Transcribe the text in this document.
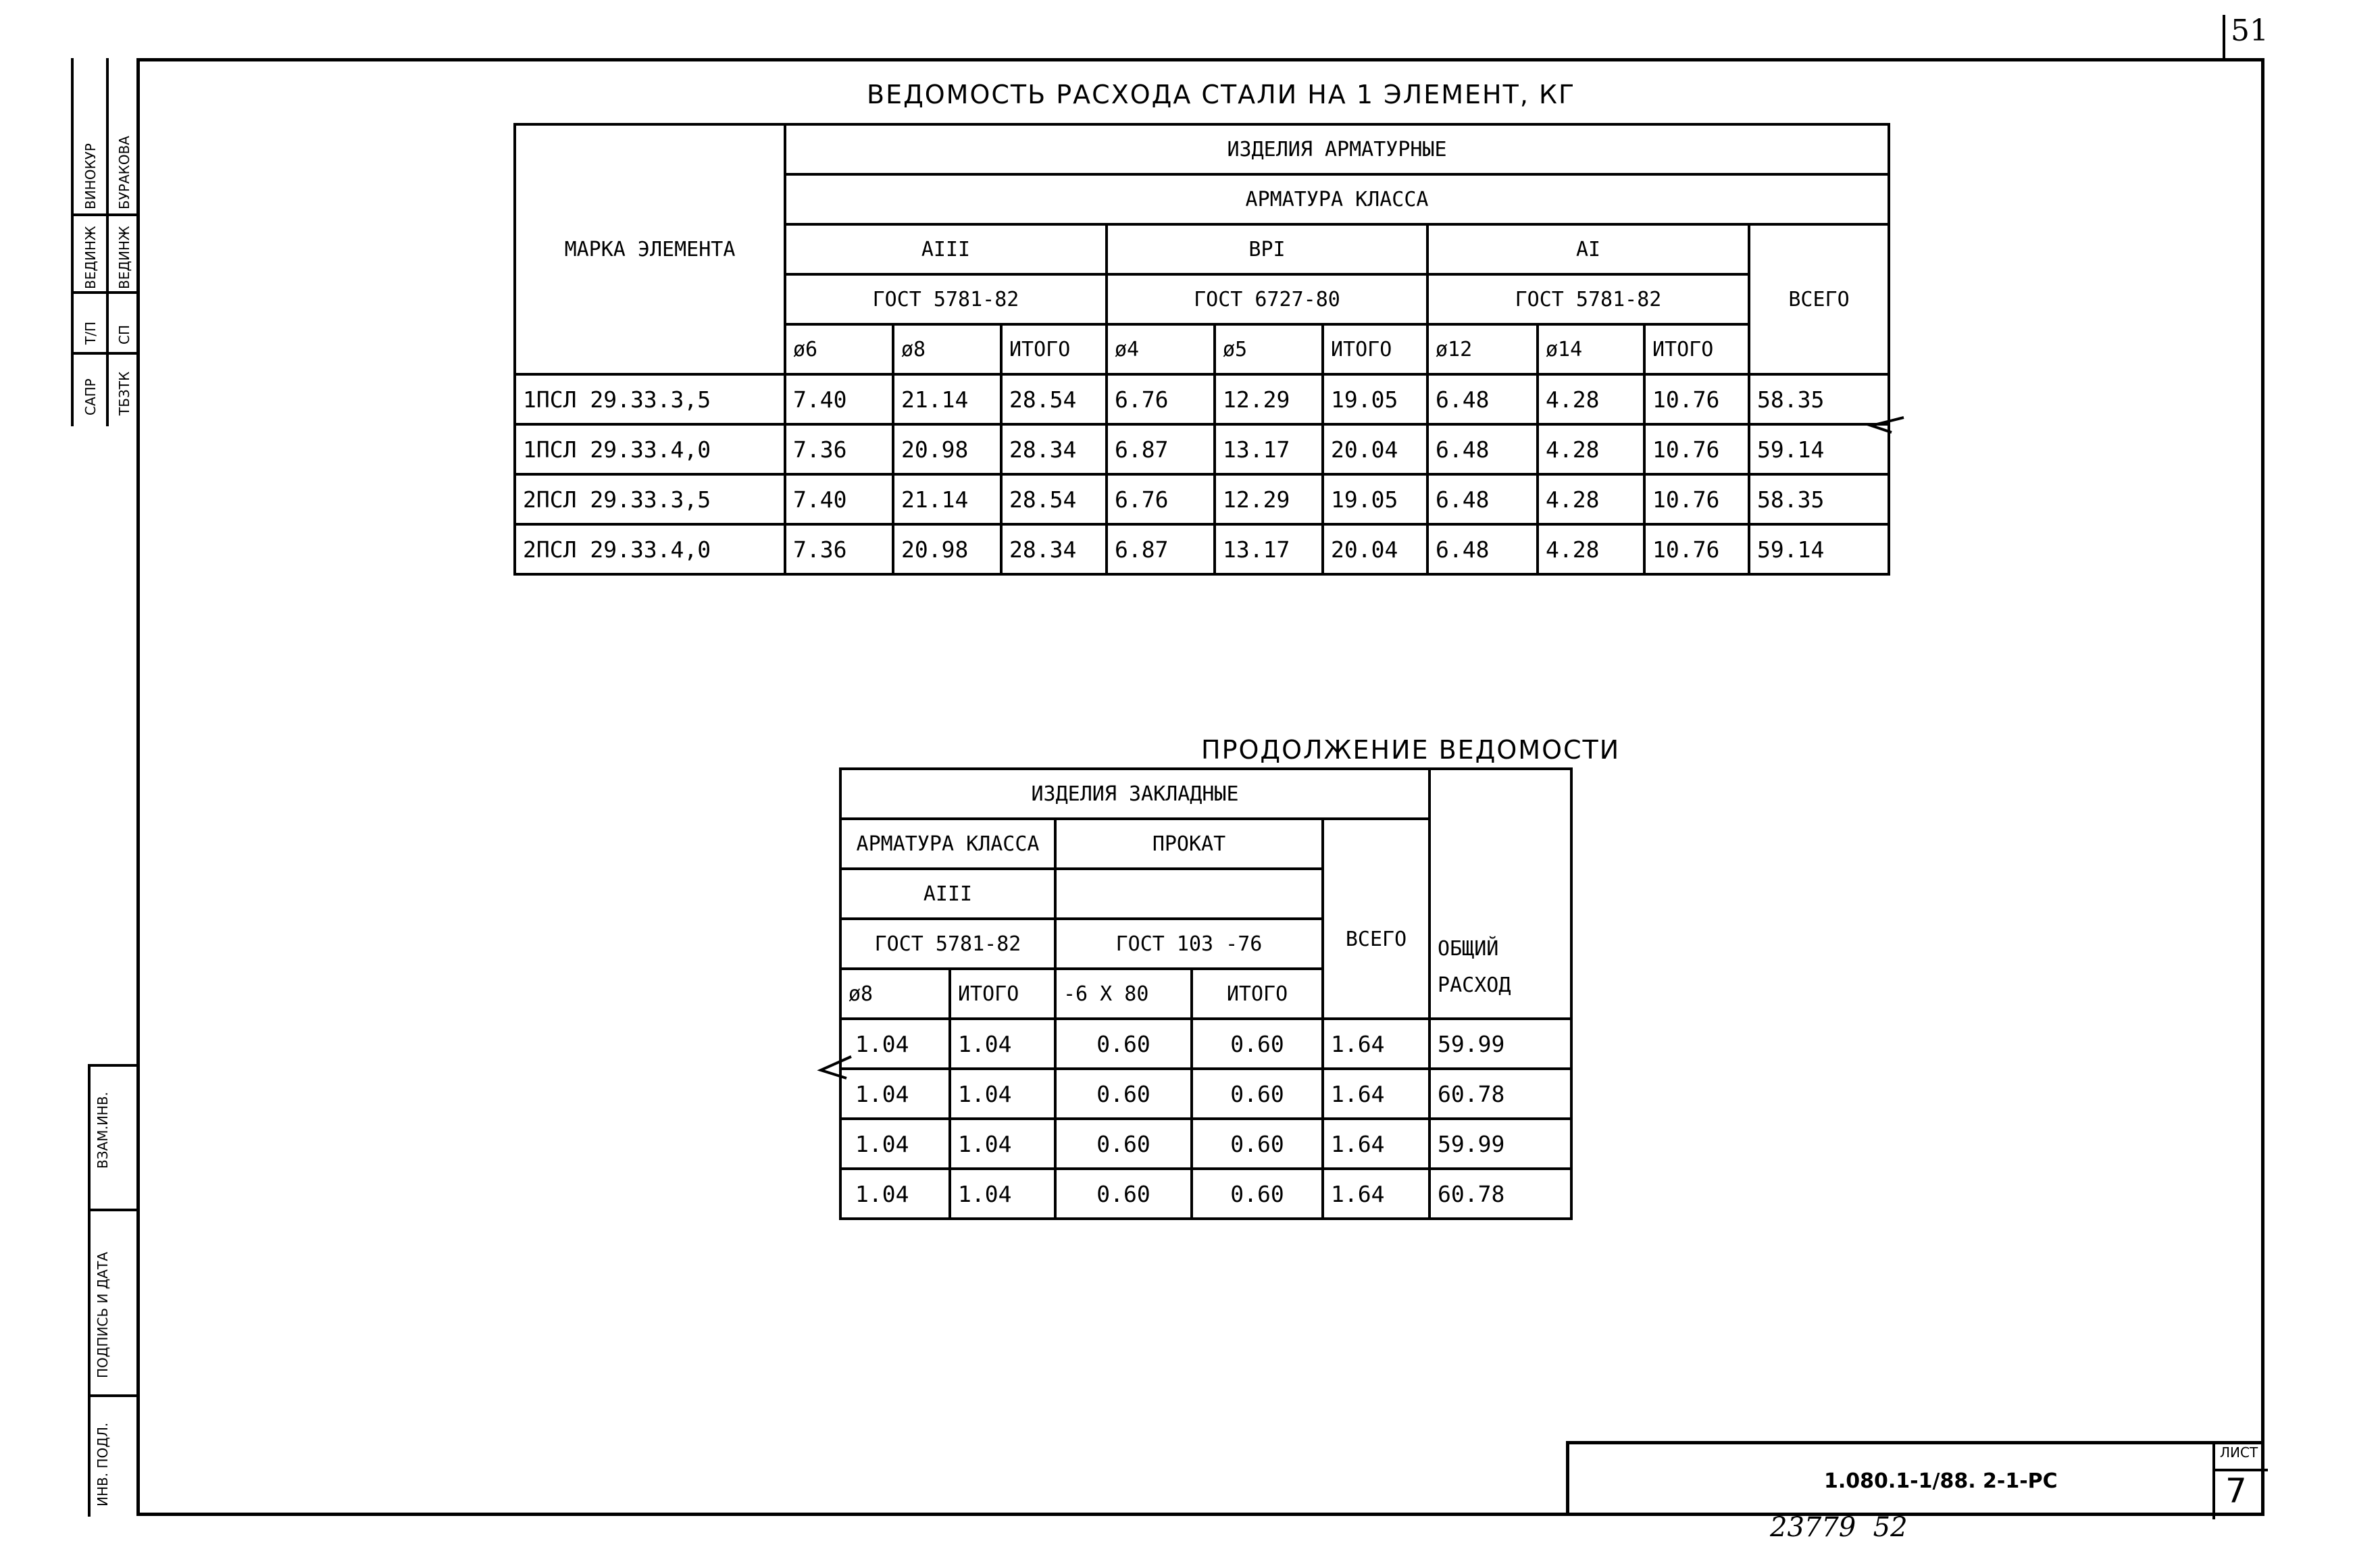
51
ВИНОКУР БУРАКОВА
ВЕДИНЖ ВЕДИНЖ
Т/П СП
САПР ТБЗТК
ВЗАМ.ИНВ.
ПОДПИСЬ И ДАТА
ИНВ. ПОДЛ.
ВЕДОМОСТЬ РАСХОДА СТАЛИ НА 1 ЭЛЕМЕНТ, КГ
МАРКА ЭЛЕМЕНТА	ИЗДЕЛИЯ АРМАТУРНЫЕ									
	АРМАТУРА КЛАССА									
	AIII			BPI			AI			ВСЕГО
	ГОСТ 5781-82			ГОСТ 6727-80			ГОСТ 5781-82			
	ø6	ø8	ИТОГО	ø4	ø5	ИТОГО	ø12	ø14	ИТОГО	
1ПСЛ 29.33.3,5	7.40	21.14	28.54	6.76	12.29	19.05	6.48	4.28	10.76	58.35
1ПСЛ 29.33.4,0	7.36	20.98	28.34	6.87	13.17	20.04	6.48	4.28	10.76	59.14
2ПСЛ 29.33.3,5	7.40	21.14	28.54	6.76	12.29	19.05	6.48	4.28	10.76	58.35
2ПСЛ 29.33.4,0	7.36	20.98	28.34	6.87	13.17	20.04	6.48	4.28	10.76	59.14
ПРОДОЛЖЕНИЕ ВЕДОМОСТИ
ИЗДЕЛИЯ ЗАКЛАДНЫЕ					ОБЩИЙ
РАСХОД

АРМАТУРА КЛАССА		ПРОКАТ		ВСЕГО	
AIII					
ГОСТ 5781-82		ГОСТ 103 -76			
ø8	ИТОГО	-6 X 80	ИТОГО		
1.04	1.04	0.60	0.60	1.64	59.99
1.04	1.04	0.60	0.60	1.64	60.78
1.04	1.04	0.60	0.60	1.64	59.99
1.04	1.04	0.60	0.60	1.64	60.78
1.080.1-1/88. 2-1-РС
ЛИСТ
7
23779  52
